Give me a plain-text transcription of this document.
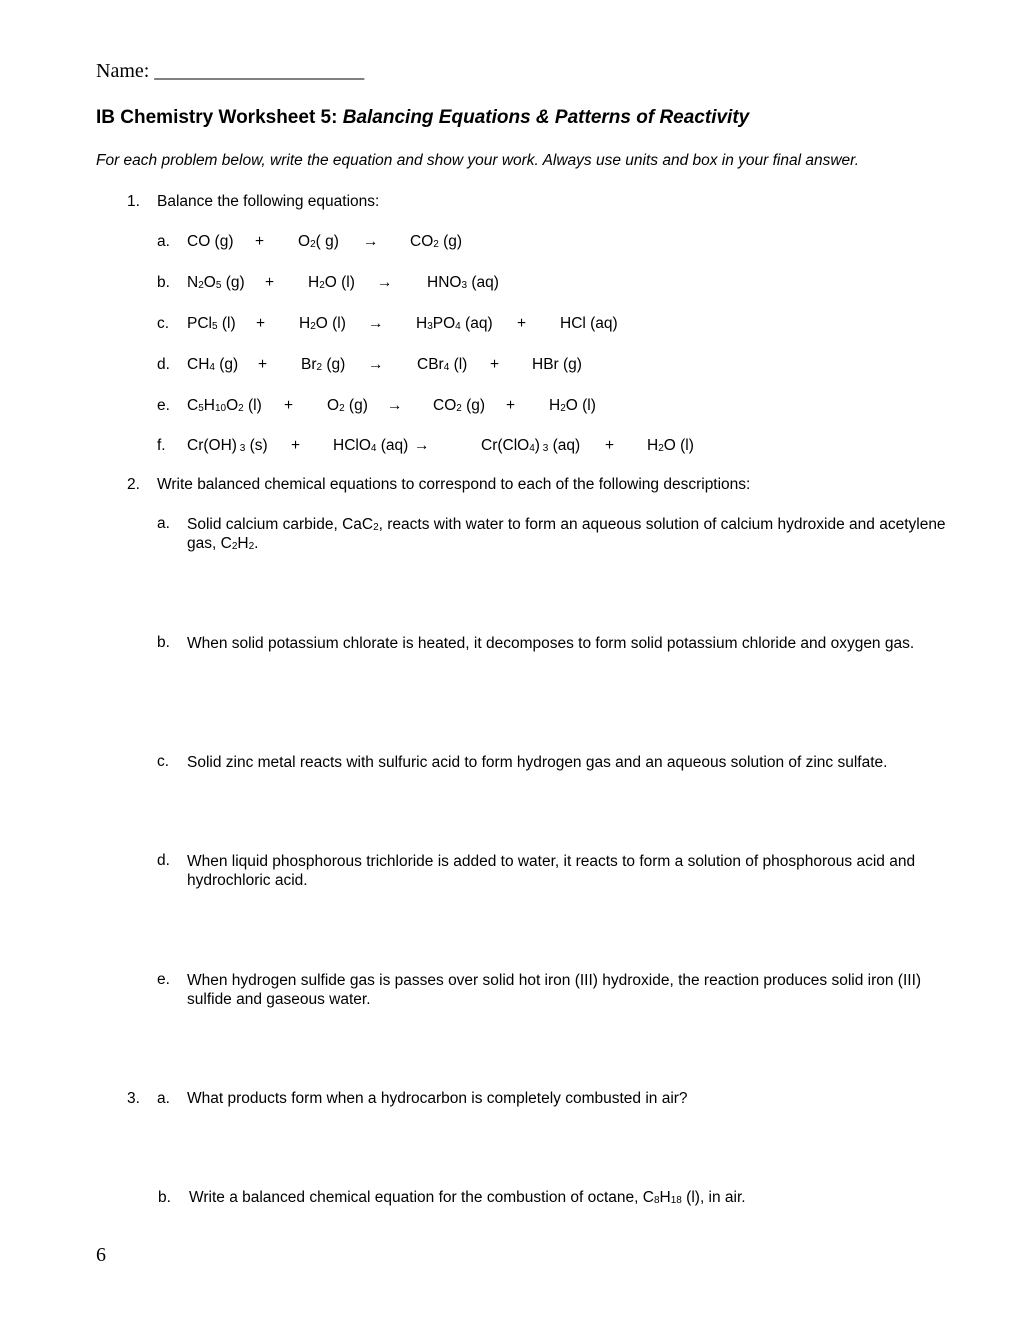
Name: _____________________
IB Chemistry Worksheet 5: Balancing Equations & Patterns of Reactivity
For each problem below, write the equation and show your work. Always use units and box in your final answer.
1. Balance the following equations:
a. CO $(g) + O_2$( $g) \to CO_2$ (g)
b. $N_2O_5$ $(g) + H_2O$ $(l) \to HNO_3$ (aq)
c. PCl$_5$ $(l) + H_2O$ $(l) \to H_3PO_4$ (aq) + HCl (aq)
d. $CH_4$ $(g) + Br_2$ (g) → CBr$_4$ (l) + HBr (g)
e. $C_5H_{10}O_2$ $(l) + O_2$ $(g) \to CO_2$ $(g) + H_2O$ (l)
f. Cr(OH) $_3$ (s) + HClO$_4$ (aq) →	Cr(ClO$_4$) $_3$ $(aq) + H_2O$ (l)
2. Write balanced chemical equations to correspond to each of the following descriptions:
a. Solid calcium carbide, CaC$_2$, reacts with water to form an aqueous solution of calcium hydroxide and acetylene gas, $C_2H_2$.
b. When solid potassium chlorate is heated, it decomposes to form solid potassium chloride and oxygen gas.
c. Solid zinc metal reacts with sulfuric acid to form hydrogen gas and an aqueous solution of zinc sulfate.
d. When liquid phosphorous trichloride is added to water, it reacts to form a solution of phosphorous acid and hydrochloric acid.
e. When hydrogen sulfide gas is passes over solid hot iron (III) hydroxide, the reaction produces solid iron (III) sulfide and gaseous water.
3. a. What products form when a hydrocarbon is completely combusted in air?
b. Write a balanced chemical equation for the combustion of octane, $C_8H_{18}$ (l), in air.
6
